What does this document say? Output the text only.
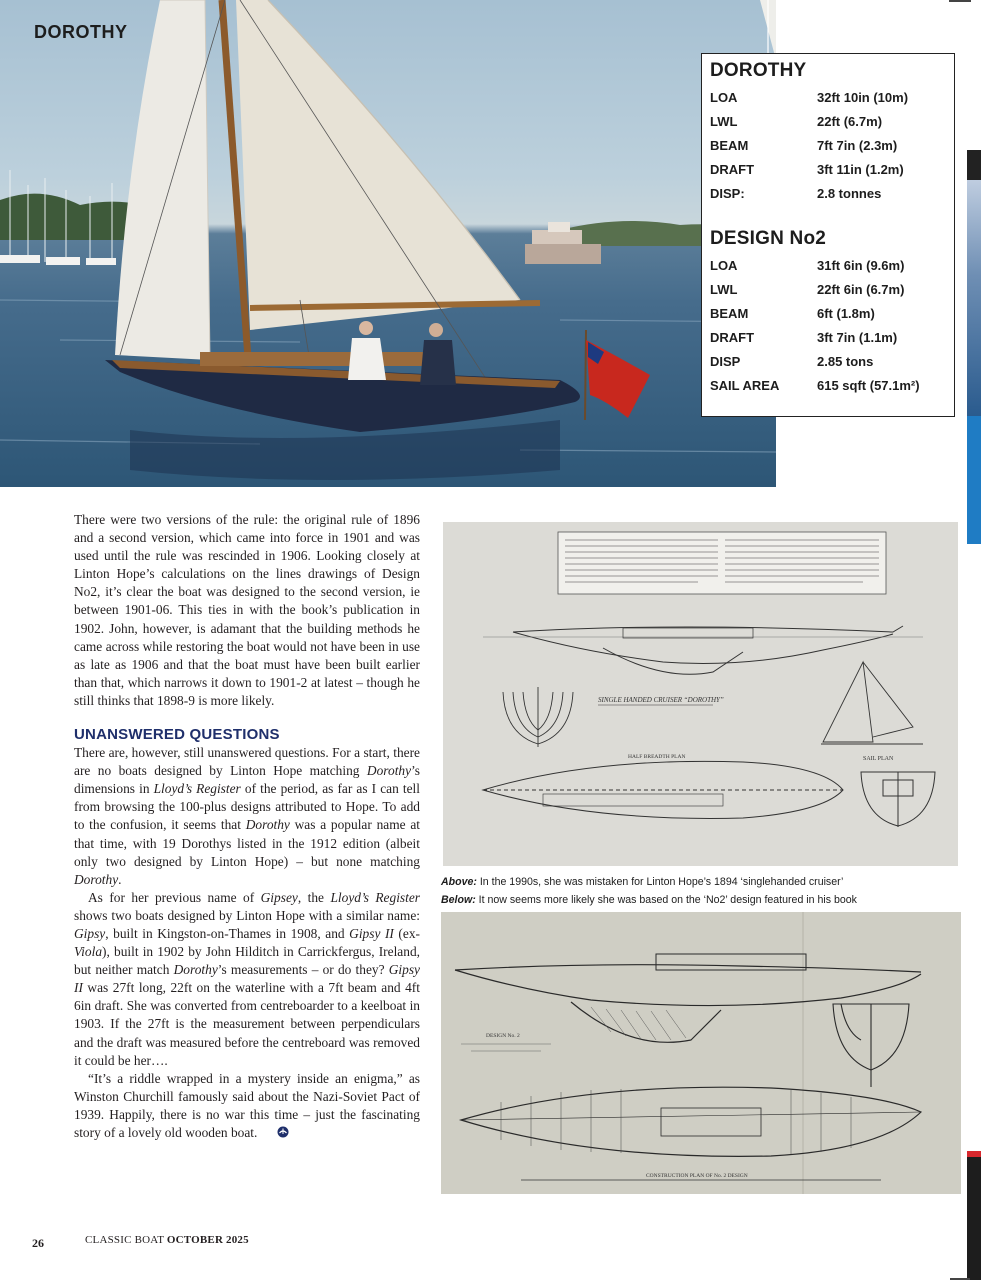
DOROTHY
DOROTHY
LOA	32ft 10in (10m)
LWL	22ft (6.7m)
BEAM	7ft 7in (2.3m)
DRAFT	3ft 11in (1.2m)
DISP:	2.8 tonnes
DESIGN No2
LOA	31ft 6in (9.6m)
LWL	22ft 6in (6.7m)
BEAM	6ft (1.8m)
DRAFT	3ft 7in (1.1m)
DISP	2.85 tons
SAIL AREA	615 sqft (57.1m²)

There were two versions of the rule: the original rule of 1896 and a second version, which came into force in 1901 and was used until the rule was rescinded in 1906. Looking closely at Linton Hope’s calculations on the lines drawings of Design No2, it’s clear the boat was designed to the second version, ie between 1901-06. This ties in with the book’s publication in 1902. John, however, is adamant that the building methods he came across while restoring the boat would not have been in use as late as 1906 and that the boat must have been built earlier than that, which narrows it down to 1901-2 at latest – though he still thinks that 1898-9 is more likely.

UNANSWERED QUESTIONS

There are, however, still unanswered questions. For a start, there are no boats designed by Linton Hope matching Dorothy’s dimensions in Lloyd’s Register of the period, as far as I can tell from browsing the 100-plus designs attributed to Hope. To add to the confusion, it seems that Dorothy was a popular name at that time, with 19 Dorothys listed in the 1912 edition (albeit only two designed by Linton Hope) – but none matching Dorothy.

As for her previous name of Gipsey, the Lloyd’s Register shows two boats designed by Linton Hope with a similar name: Gipsy, built in Kingston-on-Thames in 1908, and Gipsy II (ex-Viola), built in 1902 by John Hilditch in Carrickfergus, Ireland, but neither match Dorothy’s measurements – or do they? Gipsy II was 27ft long, 22ft on the waterline with a 7ft beam and 4ft 6in draft. She was converted from centreboarder to a keelboat in 1903. If the 27ft is the measurement between perpendiculars and the draft was measured before the centreboard was removed it could be her….

“It’s a riddle wrapped in a mystery inside an enigma,” as Winston Churchill famously said about the Nazi-Soviet Pact of 1939. Happily, there is no war this time – just the fascinating story of a lovely old wooden boat.

SINGLE HANDED CRUISER “DOROTHY”
SAIL PLAN
HALF BREADTH PLAN
Above: In the 1990s, she was mistaken for Linton Hope’s 1894 ‘singlehanded cruiser’
Below: It now seems more likely she was based on the ‘No2’ design featured in his book
DESIGN No. 2
CONSTRUCTION PLAN OF No. 2 DESIGN
26	CLASSIC BOAT OCTOBER 2025
